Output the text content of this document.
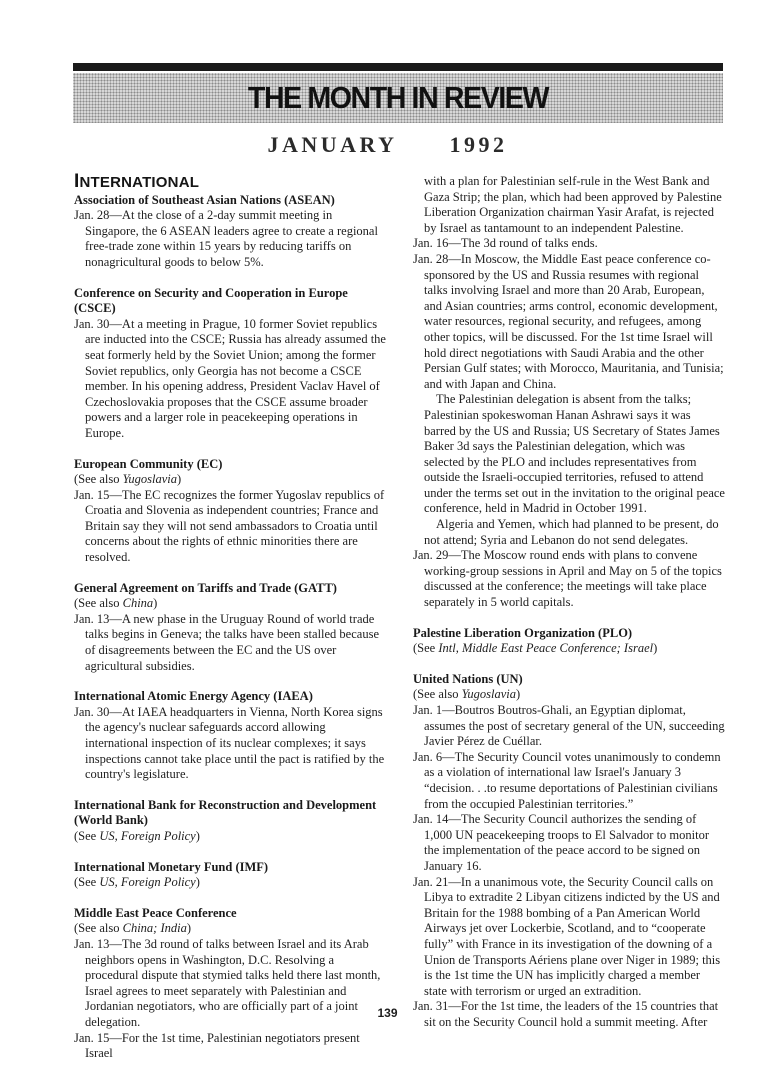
THE MONTH IN REVIEW
JANUARY 1992
INTERNATIONAL
Association of Southeast Asian Nations (ASEAN)
Jan. 28—At the close of a 2-day summit meeting in Singapore, the 6 ASEAN leaders agree to create a regional free-trade zone within 15 years by reducing tariffs on nonagricultural goods to below 5%.
Conference on Security and Cooperation in Europe (CSCE)
Jan. 30—At a meeting in Prague, 10 former Soviet republics are inducted into the CSCE; Russia has already assumed the seat formerly held by the Soviet Union; among the former Soviet republics, only Georgia has not become a CSCE member. In his opening address, President Vaclav Havel of Czechoslovakia proposes that the CSCE assume broader powers and a larger role in peacekeeping operations in Europe.
European Community (EC)
(See also Yugoslavia)
Jan. 15—The EC recognizes the former Yugoslav republics of Croatia and Slovenia as independent countries; France and Britain say they will not send ambassadors to Croatia until concerns about the rights of ethnic minorities there are resolved.
General Agreement on Tariffs and Trade (GATT)
(See also China)
Jan. 13—A new phase in the Uruguay Round of world trade talks begins in Geneva; the talks have been stalled because of disagreements between the EC and the US over agricultural subsidies.
International Atomic Energy Agency (IAEA)
Jan. 30—At IAEA headquarters in Vienna, North Korea signs the agency's nuclear safeguards accord allowing international inspection of its nuclear complexes; it says inspections cannot take place until the pact is ratified by the country's legislature.
International Bank for Reconstruction and Development (World Bank)
(See US, Foreign Policy)
International Monetary Fund (IMF)
(See US, Foreign Policy)
Middle East Peace Conference
(See also China; India)
Jan. 13—The 3d round of talks between Israel and its Arab neighbors opens in Washington, D.C. Resolving a procedural dispute that stymied talks held there last month, Israel agrees to meet separately with Palestinian and Jordanian negotiators, who are officially part of a joint delegation.
Jan. 15—For the 1st time, Palestinian negotiators present Israel
with a plan for Palestinian self-rule in the West Bank and Gaza Strip; the plan, which had been approved by Palestine Liberation Organization chairman Yasir Arafat, is rejected by Israel as tantamount to an independent Palestine.
Jan. 16—The 3d round of talks ends.
Jan. 28—In Moscow, the Middle East peace conference co-sponsored by the US and Russia resumes with regional talks involving Israel and more than 20 Arab, European, and Asian countries; arms control, economic development, water resources, regional security, and refugees, among other topics, will be discussed. For the 1st time Israel will hold direct negotiations with Saudi Arabia and the other Persian Gulf states; with Morocco, Mauritania, and Tunisia; and with Japan and China.
The Palestinian delegation is absent from the talks; Palestinian spokeswoman Hanan Ashrawi says it was barred by the US and Russia; US Secretary of States James Baker 3d says the Palestinian delegation, which was selected by the PLO and includes representatives from outside the Israeli-occupied territories, refused to attend under the terms set out in the invitation to the original peace conference, held in Madrid in October 1991.
Algeria and Yemen, which had planned to be present, do not attend; Syria and Lebanon do not send delegates.
Jan. 29—The Moscow round ends with plans to convene working-group sessions in April and May on 5 of the topics discussed at the conference; the meetings will take place separately in 5 world capitals.
Palestine Liberation Organization (PLO)
(See Intl, Middle East Peace Conference; Israel)
United Nations (UN)
(See also Yugoslavia)
Jan. 1—Boutros Boutros-Ghali, an Egyptian diplomat, assumes the post of secretary general of the UN, succeeding Javier Pérez de Cuéllar.
Jan. 6—The Security Council votes unanimously to condemn as a violation of international law Israel's January 3 “decision. . .to resume deportations of Palestinian civilians from the occupied Palestinian territories.”
Jan. 14—The Security Council authorizes the sending of 1,000 UN peacekeeping troops to El Salvador to monitor the implementation of the peace accord to be signed on January 16.
Jan. 21—In a unanimous vote, the Security Council calls on Libya to extradite 2 Libyan citizens indicted by the US and Britain for the 1988 bombing of a Pan American World Airways jet over Lockerbie, Scotland, and to “cooperate fully” with France in its investigation of the downing of a Union de Transports Aériens plane over Niger in 1989; this is the 1st time the UN has implicitly charged a member state with terrorism or urged an extradition.
Jan. 31—For the 1st time, the leaders of the 15 countries that sit on the Security Council hold a summit meeting. After
139
